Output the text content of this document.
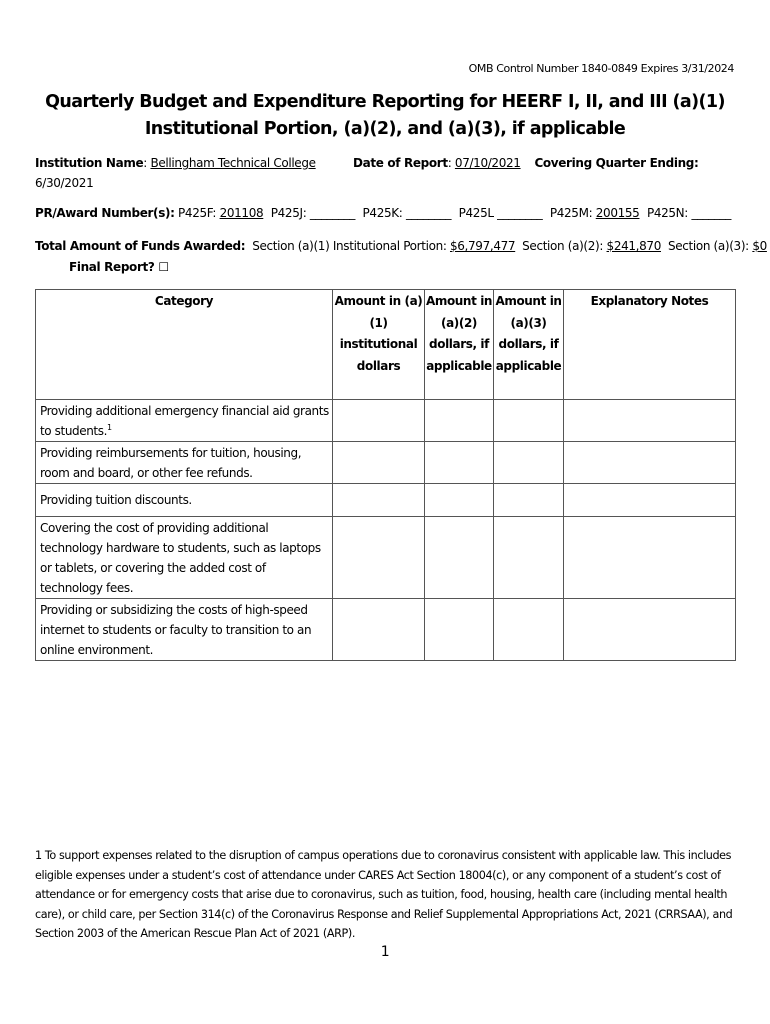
OMB Control Number 1840-0849 Expires 3/31/2024
Quarterly Budget and Expenditure Reporting for HEERF I, II, and III (a)(1) Institutional Portion, (a)(2), and (a)(3), if applicable
Institution Name: Bellingham Technical College	Date of Report: 07/10/2021 Covering Quarter Ending:

6/30/2021
PR/Award Number(s): P425F: 201108 P425J: ________ P425K: ________ P425L ________ P425M: 200155 P425N: _______
Total Amount of Funds Awarded: Section (a)(1) Institutional Portion: $6,797,477 Section (a)(2): $241,870 Section (a)(3): $0
Final Report? ☐
Category	Amount in (a)(1) institutional dollars	Amount in (a)(2) dollars, if applicable	Amount in (a)(3) dollars, if applicable	Explanatory Notes
Providing additional emergency financial aid grants to students.$^1$				
Providing reimbursements for tuition, housing, room and board, or other fee refunds.				
Providing tuition discounts.				
Covering the cost of providing additional technology hardware to students, such as laptops or tablets, or covering the added cost of technology fees.				
Providing or subsidizing the costs of high-speed internet to students or faculty to transition to an online environment.				
1 To support expenses related to the disruption of campus operations due to coronavirus consistent with applicable law. This includes eligible expenses under a student’s cost of attendance under CARES Act Section 18004(c), or any component of a student’s cost of attendance or for emergency costs that arise due to coronavirus, such as tuition, food, housing, health care (including mental health care), or child care, per Section 314(c) of the Coronavirus Response and Relief Supplemental Appropriations Act, 2021 (CRRSAA), and Section 2003 of the American Rescue Plan Act of 2021 (ARP).
1
